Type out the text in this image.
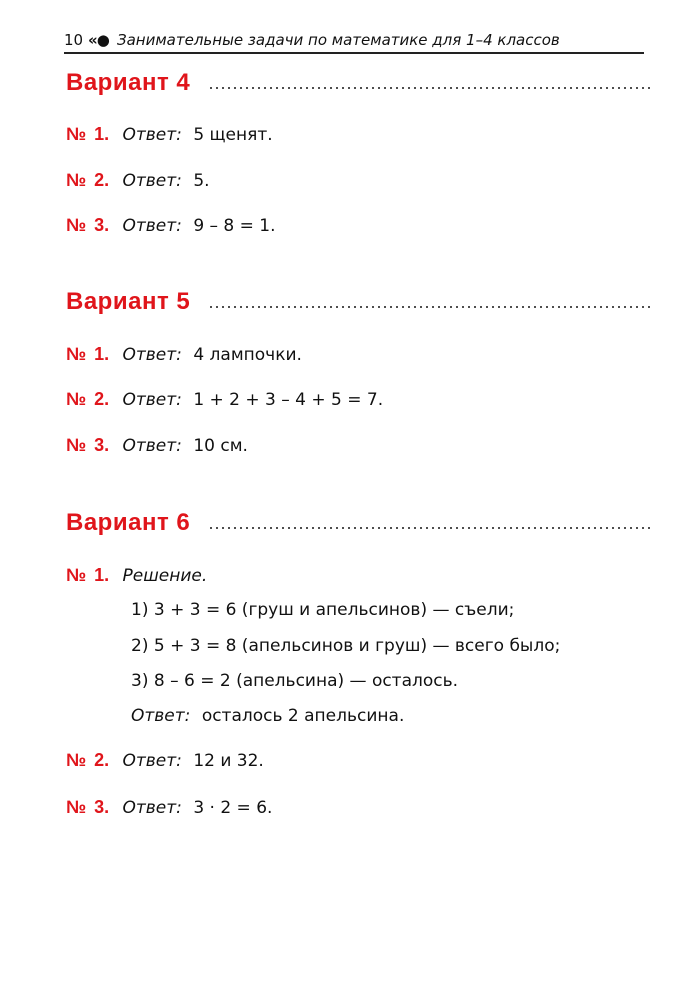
10 «● Занимательные задачи по математике для 1–4 классов
Вариант 4
№ 1. Ответ: 5 щенят.
№ 2. Ответ: 5.
№ 3. Ответ: 9 – 8 = 1.
Вариант 5
№ 1. Ответ: 4 лампочки.
№ 2. Ответ: 1 + 2 + 3 – 4 + 5 = 7.
№ 3. Ответ: 10 см.
Вариант 6
№ 1. Решение.
1) 3 + 3 = 6 (груш и апельсинов) — съели;
2) 5 + 3 = 8 (апельсинов и груш) — всего было;
3) 8 – 6 = 2 (апельсина) — осталось.
Ответ: осталось 2 апельсина.
№ 2. Ответ: 12 и 32.
№ 3. Ответ: 3 · 2 = 6.
